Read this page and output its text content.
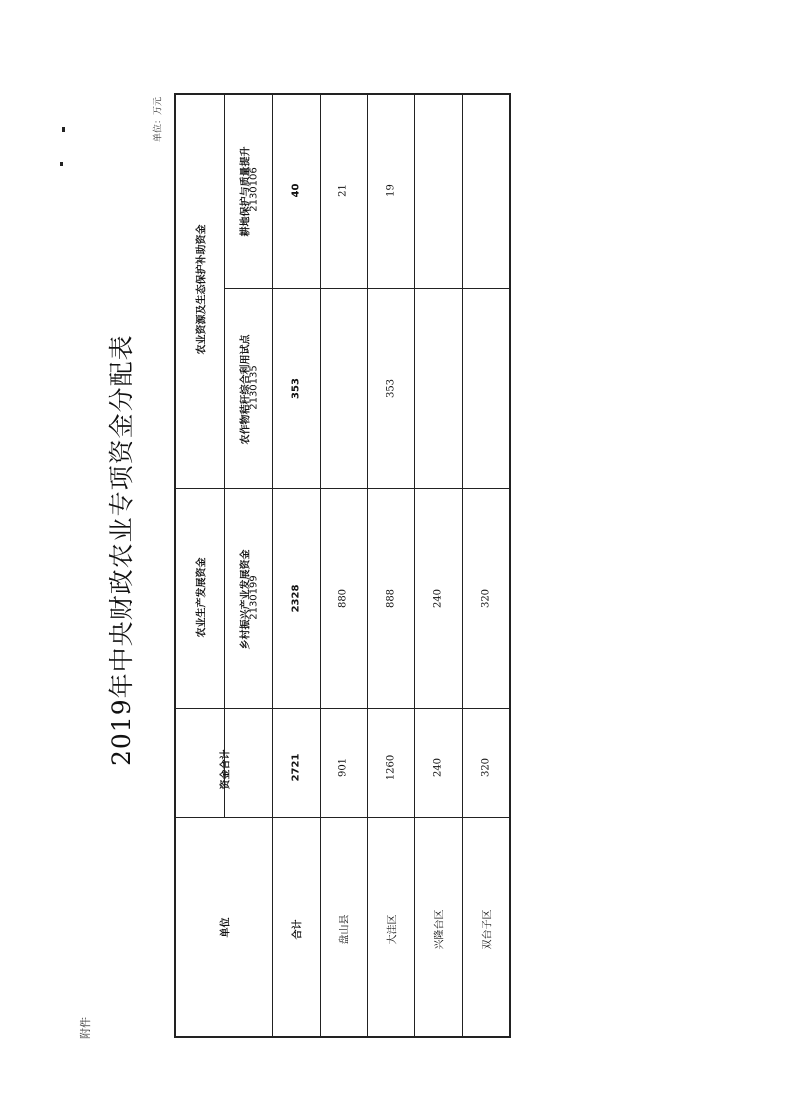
附件
2019年中央财政农业专项资金分配表
单位：万元
农业资源及生态保护补助资金
农业生产发展资金
资金合计
单位
耕地保护与质量提升
2130106
农作物秸秆综合利用试点
2130135
乡村振兴产业发展资金
2130199
合计
2721
2328
353
40
盘山县
901
880
21
大洼区
1260
888
353
19
兴隆台区
240
240
双台子区
320
320
